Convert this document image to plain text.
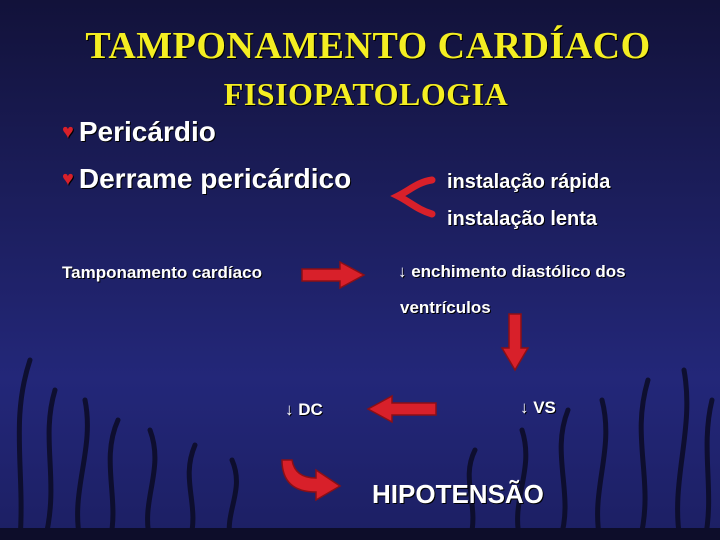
TAMPONAMENTO CARDÍACO
FISIOPATOLOGIA
♥ Pericárdio
♥ Derrame pericárdico	instalação rápida
instalação lenta
Tamponamento cardíaco	↓ enchimento diastólico dos
ventrículos
↓ VS
↓ DC
HIPOTENSÃO
